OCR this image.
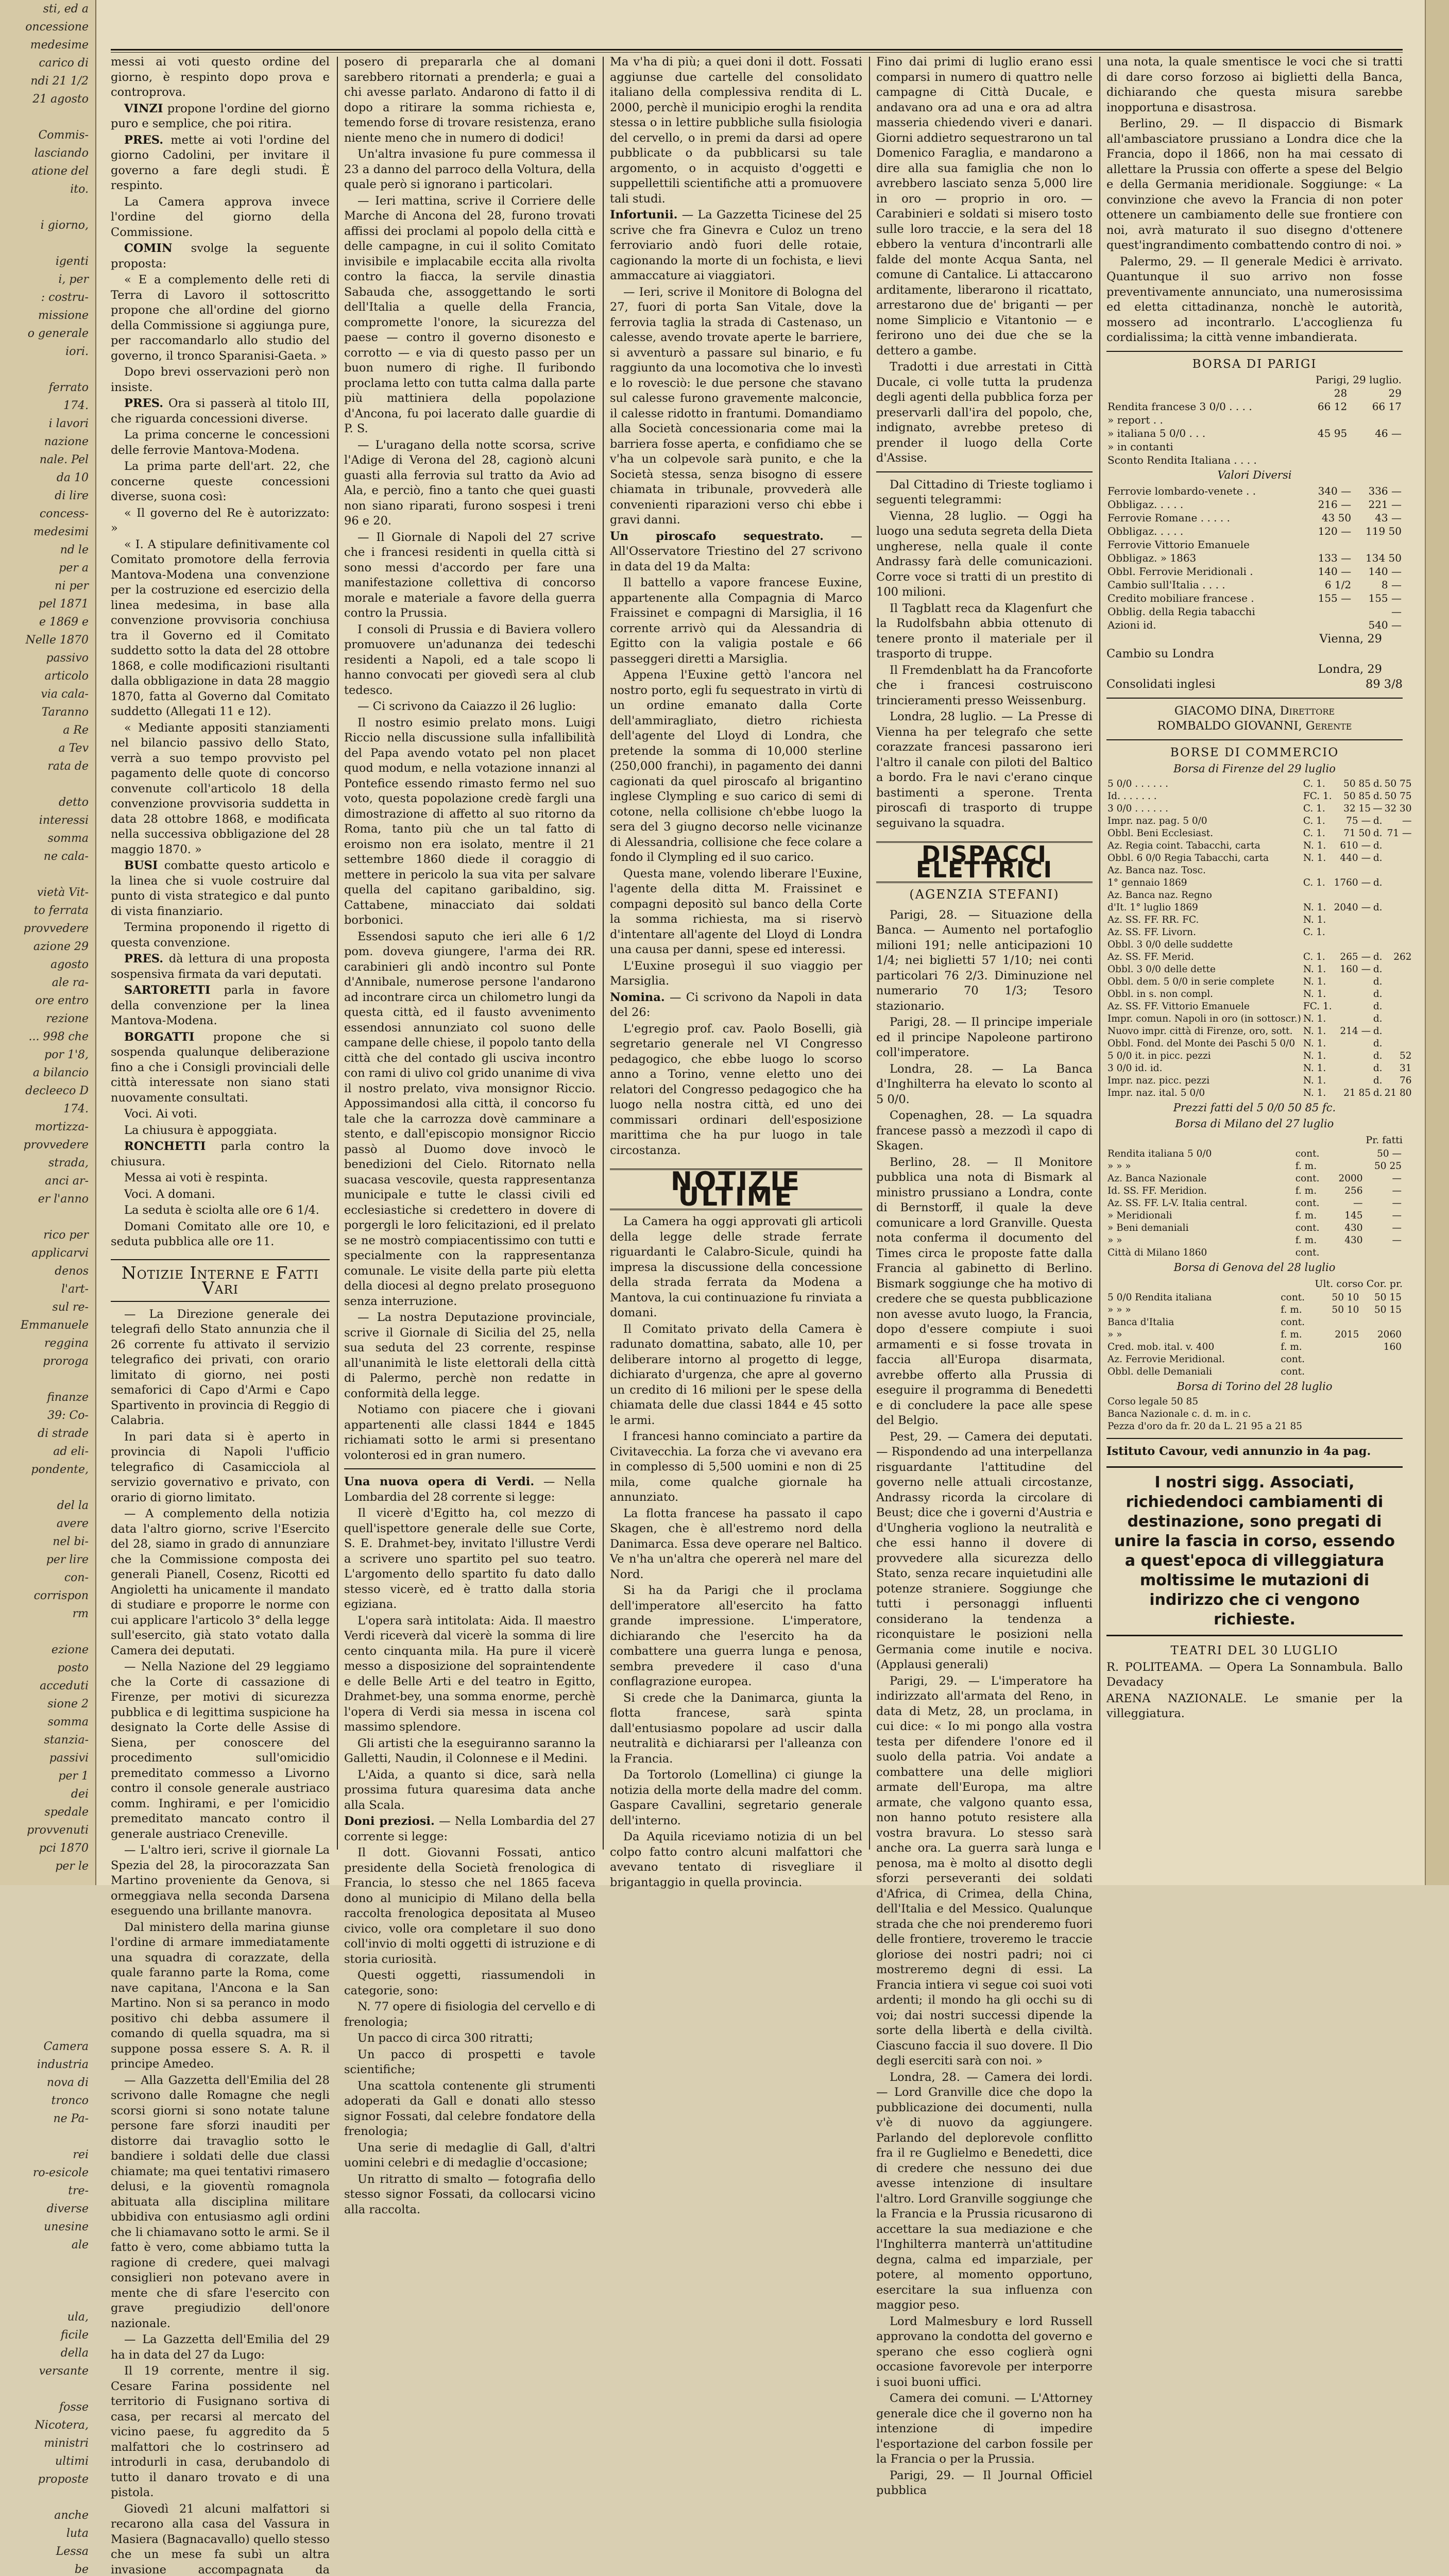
sti, ed a
oncessione
medesime
carico di
ndi 21 1/2
21 agosto

Commis-
lasciando
atione del
ito.

i giorno,

igenti
i, per
: costru-
missione
o generale
iori.

ferrato
174.
i lavori
nazione
nale. Pel
da 10
di lire
concess-
medesimi
nd le
per a
ni per
pel 1871
e 1869 e
Nelle 1870
passivo
articolo
via cala-
Taranno
a Re
a Tev
rata de

detto
interessi
somma
ne cala-

vietà Vit-
to ferrata
provvedere
azione 29
agosto
ale ra-
ore entro
rezione
... 998 che
por 1'8,
a bilancio
decleeco D
174.
mortizza-
provvedere
strada,
anci ar-
er l'anno

rico per
applicarvi
denos
l'art-
sul re-
Emmanuele
reggina
proroga

finanze
39: Co-
di strade
ad eli-
pondente,

del la
avere
nel bi-
per lire
con-
corrispon
rm

ezione
posto
acceduti
sione 2
somma
stanzia-
passivi
per 1
dei
spedale
provvenuti
pci 1870
per le

Camera
industria
nova di
tronco
ne Pa-

rei
ro-esicole
tre-
diverse
unesine
ale

ula,
ficile
della
versante

fosse
Nicotera,
ministri
ultimi
proposte

anche
luta
Lessa
be

messi ai voti questo ordine del giorno, è respinto dopo prova e controprova.

VINZI propone l'ordine del giorno puro e semplice, che poi ritira.

PRES. mette ai voti l'ordine del giorno Cadolini, per invitare il governo a fare degli studi. È respinto.

La Camera approva invece l'ordine del giorno della Commissione.

COMIN svolge la seguente proposta:

« E a complemento delle reti di Terra di Lavoro il sottoscritto propone che all'ordine del giorno della Commissione si aggiunga pure, per raccomandarlo allo studio del governo, il tronco Sparanisi-Gaeta. »

Dopo brevi osservazioni però non insiste.

PRES. Ora si passerà al titolo III, che riguarda concessioni diverse.

La prima concerne le concessioni delle ferrovie Mantova-Modena.

La prima parte dell'art. 22, che concerne queste concessioni diverse, suona così:

« Il governo del Re è autorizzato: »

« I. A stipulare definitivamente col Comitato promotore della ferrovia Mantova-Modena una convenzione per la costruzione ed esercizio della linea medesima, in base alla convenzione provvisoria conchiusa tra il Governo ed il Comitato suddetto sotto la data del 28 ottobre 1868, e colle modificazioni risultanti dalla obbligazione in data 28 maggio 1870, fatta al Governo dal Comitato suddetto (Allegati 11 e 12).

« Mediante appositi stanziamenti nel bilancio passivo dello Stato, verrà a suo tempo provvisto pel pagamento delle quote di concorso convenute coll'articolo 18 della convenzione provvisoria suddetta in data 28 ottobre 1868, e modificata nella successiva obbligazione del 28 maggio 1870. »

BUSI combatte questo articolo e la linea che si vuole costruire dal punto di vista strategico e dal punto di vista finanziario.

Termina proponendo il rigetto di questa convenzione.

PRES. dà lettura di una proposta sospensiva firmata da vari deputati.

SARTORETTI parla in favore della convenzione per la linea Mantova-Modena.

BORGATTI propone che si sospenda qualunque deliberazione fino a che i Consigli provinciali delle città interessate non siano stati nuovamente consultati.

Voci. Ai voti.

La chiusura è appoggiata.

RONCHETTI parla contro la chiusura.

Messa ai voti è respinta.

Voci. A domani.

La seduta è sciolta alle ore 6 1/4.

Domani Comitato alle ore 10, e seduta pubblica alle ore 11.

Notizie Interne e Fatti Vari

— La Direzione generale dei telegrafi dello Stato annunzia che il 26 corrente fu attivato il servizio telegrafico dei privati, con orario limitato di giorno, nei posti semaforici di Capo d'Armi e Capo Spartivento in provincia di Reggio di Calabria.

In pari data si è aperto in provincia di Napoli l'ufficio telegrafico di Casamicciola al servizio governativo e privato, con orario di giorno limitato.

— A complemento della notizia data l'altro giorno, scrive l'Esercito del 28, siamo in grado di annunziare che la Commissione composta dei generali Pianell, Cosenz, Ricotti ed Angioletti ha unicamente il mandato di studiare e proporre le norme con cui applicare l'articolo 3° della legge sull'esercito, già stato votato dalla Camera dei deputati.

— Nella Nazione del 29 leggiamo che la Corte di cassazione di Firenze, per motivi di sicurezza pubblica e di legittima suspicione ha designato la Corte delle Assise di Siena, per conoscere del procedimento sull'omicidio premeditato commesso a Livorno contro il console generale austriaco comm. Inghirami, e per l'omicidio premeditato mancato contro il generale austriaco Creneville.

— L'altro ieri, scrive il giornale La Spezia del 28, la pirocorazzata San Martino proveniente da Genova, si ormeggiava nella seconda Darsena eseguendo una brillante manovra.

Dal ministero della marina giunse l'ordine di armare immediatamente una squadra di corazzate, della quale faranno parte la Roma, come nave capitana, l'Ancona e la San Martino. Non si sa peranco in modo positivo chi debba assumere il comando di quella squadra, ma si suppone possa essere S. A. R. il principe Amedeo.

— Alla Gazzetta dell'Emilia del 28 scrivono dalle Romagne che negli scorsi giorni si sono notate talune persone fare sforzi inauditi per distorre dai travaglio sotto le bandiere i soldati delle due classi chiamate; ma quei tentativi rimasero delusi, e la gioventù romagnola abituata alla disciplina militare ubbidiva con entusiasmo agli ordini che li chiamavano sotto le armi. Se il fatto è vero, come abbiamo tutta la ragione di credere, quei malvagi consiglieri non potevano avere in mente che di sfare l'esercito con grave pregiudizio dell'onore nazionale.

— La Gazzetta dell'Emilia del 29 ha in data del 27 da Lugo:

Il 19 corrente, mentre il sig. Cesare Farina possidente nel territorio di Fusignano sortiva di casa, per recarsi al mercato del vicino paese, fu aggredito da 5 malfattori che lo costrinsero ad introdurli in casa, derubandolo di tutto il danaro trovato e di una pistola.

Giovedì 21 alcuni malfattori si recarono alla casa del Vassura in Masiera (Bagnacavallo) quello stesso che un mese fa subì un altra invasione accompagnata da

posero di prepararla che al domani sarebbero ritornati a prenderla; e guai a chi avesse parlato. Andarono di fatto il di dopo a ritirare la somma richiesta e, temendo forse di trovare resistenza, erano niente meno che in numero di dodici!

Un'altra invasione fu pure commessa il 23 a danno del parroco della Voltura, della quale però si ignorano i particolari.

— Ieri mattina, scrive il Corriere delle Marche di Ancona del 28, furono trovati affissi dei proclami al popolo della città e delle campagne, in cui il solito Comitato invisibile e implacabile eccita alla rivolta contro la fiacca, la servile dinastia Sabauda che, assoggettando le sorti dell'Italia a quelle della Francia, compromette l'onore, la sicurezza del paese — contro il governo disonesto e corrotto — e via di questo passo per un buon numero di righe. Il furibondo proclama letto con tutta calma dalla parte più mattiniera della popolazione d'Ancona, fu poi lacerato dalle guardie di P. S.

— L'uragano della notte scorsa, scrive l'Adige di Verona del 28, cagionò alcuni guasti alla ferrovia sul tratto da Avio ad Ala, e perciò, fino a tanto che quei guasti non siano riparati, furono sospesi i treni 96 e 20.

— Il Giornale di Napoli del 27 scrive che i francesi residenti in quella città si sono messi d'accordo per fare una manifestazione collettiva di concorso morale e materiale a favore della guerra contro la Prussia.

I consoli di Prussia e di Baviera vollero promuovere un'adunanza dei tedeschi residenti a Napoli, ed a tale scopo li hanno convocati per giovedì sera al club tedesco.

— Ci scrivono da Caiazzo il 26 luglio:

Il nostro esimio prelato mons. Luigi Riccio nella discussione sulla infallibilità del Papa avendo votato pel non placet quod modum, e nella votazione innanzi al Pontefice essendo rimasto fermo nel suo voto, questa popolazione credè fargli una dimostrazione di affetto al suo ritorno da Roma, tanto più che un tal fatto di eroismo non era isolato, mentre il 21 settembre 1860 diede il coraggio di mettere in pericolo la sua vita per salvare quella del capitano garibaldino, sig. Cattabene, minacciato dai soldati borbonici.

Essendosi saputo che ieri alle 6 1/2 pom. doveva giungere, l'arma dei RR. carabinieri gli andò incontro sul Ponte d'Annibale, numerose persone l'andarono ad incontrare circa un chilometro lungi da questa città, ed il fausto avvenimento essendosi annunziato col suono delle campane delle chiese, il popolo tanto della città che del contado gli usciva incontro con rami di ulivo col grido unanime di viva il nostro prelato, viva monsignor Riccio. Appossimandosi alla città, il concorso fu tale che la carrozza dovè camminare a stento, e dall'episcopio monsignor Riccio passò al Duomo dove invocò le benedizioni del Cielo. Ritornato nella suacasa vescovile, questa rappresentanza municipale e tutte le classi civili ed ecclesiastiche si credettero in dovere di porgergli le loro felicitazioni, ed il prelato se ne mostrò compiacentissimo con tutti e specialmente con la rappresentanza comunale. Le visite della parte più eletta della diocesi al degno prelato proseguono senza interruzione.

— La nostra Deputazione provinciale, scrive il Giornale di Sicilia del 25, nella sua seduta del 23 corrente, respinse all'unanimità le liste elettorali della città di Palermo, perchè non redatte in conformità della legge.

Notiamo con piacere che i giovani appartenenti alle classi 1844 e 1845 richiamati sotto le armi si presentano volonterosi ed in gran numero.

Una nuova opera di Verdi. — Nella Lombardia del 28 corrente si legge:

Il vicerè d'Egitto ha, col mezzo di quell'ispettore generale delle sue Corte, S. E. Drahmet-bey, invitato l'illustre Verdi a scrivere uno spartito pel suo teatro. L'argomento dello spartito fu dato dallo stesso vicerè, ed è tratto dalla storia egiziana.

L'opera sarà intitolata: Aida. Il maestro Verdi riceverà dal vicerè la somma di lire cento cinquanta mila. Ha pure il vicerè messo a disposizione del sopraintendente e delle Belle Arti e del teatro in Egitto, Drahmet-bey, una somma enorme, perchè l'opera di Verdi sia messa in iscena col massimo splendore.

Gli artisti che la eseguiranno saranno la Galletti, Naudin, il Colonnese e il Medini.

L'Aida, a quanto si dice, sarà nella prossima futura quaresima data anche alla Scala.

Doni preziosi. — Nella Lombardia del 27 corrente si legge:

Il dott. Giovanni Fossati, antico presidente della Società frenologica di Francia, lo stesso che nel 1865 faceva dono al municipio di Milano della bella raccolta frenologica depositata al Museo civico, volle ora completare il suo dono coll'invio di molti oggetti di istruzione e di storia curiosità.

Questi oggetti, riassumendoli in categorie, sono:

N. 77 opere di fisiologia del cervello e di frenologia;

Un pacco di circa 300 ritratti;

Un pacco di prospetti e tavole scientifiche;

Una scattola contenente gli strumenti adoperati da Gall e donati allo stesso signor Fossati, dal celebre fondatore della frenologia;

Una serie di medaglie di Gall, d'altri uomini celebri e di medaglie d'occasione;

Un ritratto di smalto — fotografia dello stesso signor Fossati, da collocarsi vicino alla raccolta.

Ma v'ha di più; a quei doni il dott. Fossati aggiunse due cartelle del consolidato italiano della complessiva rendita di L. 2000, perchè il municipio eroghi la rendita stessa o in lettire pubbliche sulla fisiologia del cervello, o in premi da darsi ad opere pubblicate o da pubblicarsi su tale argomento, o in acquisto d'oggetti e suppellettili scientifiche atti a promuovere tali studi.

Infortunii. — La Gazzetta Ticinese del 25 scrive che fra Ginevra e Culoz un treno ferroviario andò fuori delle rotaie, cagionando la morte di un fochista, e lievi ammaccature ai viaggiatori.

— Ieri, scrive il Monitore di Bologna del 27, fuori di porta San Vitale, dove la ferrovia taglia la strada di Castenaso, un calesse, avendo trovate aperte le barriere, si avventurò a passare sul binario, e fu raggiunto da una locomotiva che lo investì e lo rovesciò: le due persone che stavano sul calesse furono gravemente malconcie, il calesse ridotto in frantumi. Domandiamo alla Società concessionaria come mai la barriera fosse aperta, e confidiamo che se v'ha un colpevole sarà punito, e che la Società stessa, senza bisogno di essere chiamata in tribunale, provvederà alle convenienti riparazioni verso chi ebbe i gravi danni.

Un piroscafo sequestrato. — All'Osservatore Triestino del 27 scrivono in data del 19 da Malta:

Il battello a vapore francese Euxine, appartenente alla Compagnia di Marco Fraissinet e compagni di Marsiglia, il 16 corrente arrivò qui da Alessandria di Egitto con la valigia postale e 66 passeggeri diretti a Marsiglia.

Appena l'Euxine gettò l'ancora nel nostro porto, egli fu sequestrato in virtù di un ordine emanato dalla Corte dell'ammiragliato, dietro richiesta dell'agente del Lloyd di Londra, che pretende la somma di 10,000 sterline (250,000 franchi), in pagamento dei danni cagionati da quel piroscafo al brigantino inglese Clympling e suo carico di semi di cotone, nella collisione ch'ebbe luogo la sera del 3 giugno decorso nelle vicinanze di Alessandria, collisione che fece colare a fondo il Clympling ed il suo carico.

Questa mane, volendo liberare l'Euxine, l'agente della ditta M. Fraissinet e compagni depositò sul banco della Corte la somma richiesta, ma si riservò d'intentare all'agente del Lloyd di Londra una causa per danni, spese ed interessi.

L'Euxine proseguì il suo viaggio per Marsiglia.

Nomina. — Ci scrivono da Napoli in data del 26:

L'egregio prof. cav. Paolo Boselli, già segretario generale nel VI Congresso pedagogico, che ebbe luogo lo scorso anno a Torino, venne eletto uno dei relatori del Congresso pedagogico che ha luogo nella nostra città, ed uno dei commissari ordinari dell'esposizione marittima che ha pur luogo in tale circostanza.

NOTIZIE ULTIME

La Camera ha oggi approvati gli articoli della legge delle strade ferrate riguardanti le Calabro-Sicule, quindi ha impresa la discussione della concessione della strada ferrata da Modena a Mantova, la cui continuazione fu rinviata a domani.

Il Comitato privato della Camera è radunato domattina, sabato, alle 10, per deliberare intorno al progetto di legge, dichiarato d'urgenza, che apre al governo un credito di 16 milioni per le spese della chiamata delle due classi 1844 e 45 sotto le armi.

I francesi hanno cominciato a partire da Civitavecchia. La forza che vi avevano era in complesso di 5,500 uomini e non di 25 mila, come qualche giornale ha annunziato.

La flotta francese ha passato il capo Skagen, che è all'estremo nord della Danimarca. Essa deve operare nel Baltico. Ve n'ha un'altra che opererà nel mare del Nord.

Si ha da Parigi che il proclama dell'imperatore all'esercito ha fatto grande impressione. L'imperatore, dichiarando che l'esercito ha da combattere una guerra lunga e penosa, sembra prevedere il caso d'una conflagrazione europea.

Si crede che la Danimarca, giunta la flotta francese, sarà spinta dall'entusiasmo popolare ad uscir dalla neutralità e dichiararsi per l'alleanza con la Francia.

Da Tortorolo (Lomellina) ci giunge la notizia della morte della madre del comm. Gaspare Cavallini, segretario generale dell'interno.

Da Aquila riceviamo notizia di un bel colpo fatto contro alcuni malfattori che avevano tentato di risvegliare il brigantaggio in quella provincia.

Fino dai primi di luglio erano essi comparsi in numero di quattro nelle campagne di Città Ducale, e andavano ora ad una e ora ad altra masseria chiedendo viveri e danari. Giorni addietro sequestrarono un tal Domenico Faraglia, e mandarono a dire alla sua famiglia che non lo avrebbero lasciato senza 5,000 lire in oro — proprio in oro. — Carabinieri e soldati si misero tosto sulle loro traccie, e la sera del 18 ebbero la ventura d'incontrarli alle falde del monte Acqua Santa, nel comune di Cantalice. Li attaccarono arditamente, liberarono il ricattato, arrestarono due de' briganti — per nome Simplicio e Vitantonio — e ferirono uno dei due che se la dettero a gambe.

Tradotti i due arrestati in Città Ducale, ci volle tutta la prudenza degli agenti della pubblica forza per preservarli dall'ira del popolo, che, indignato, avrebbe preteso di prender il luogo della Corte d'Assise.

Dal Cittadino di Trieste togliamo i seguenti telegrammi:

Vienna, 28 luglio. — Oggi ha luogo una seduta segreta della Dieta ungherese, nella quale il conte Andrassy farà delle comunicazioni. Corre voce si tratti di un prestito di 100 milioni.

Il Tagblatt reca da Klagenfurt che la Rudolfsbahn abbia ottenuto di tenere pronto il materiale per il trasporto di truppe.

Il Fremdenblatt ha da Francoforte che i francesi costruiscono trincieramenti presso Weissenburg.

Londra, 28 luglio. — La Presse di Vienna ha per telegrafo che sette corazzate francesi passarono ieri l'altro il canale con piloti del Baltico a bordo. Fra le navi c'erano cinque bastimenti a sperone. Trenta piroscafi di trasporto di truppe seguivano la squadra.

DISPACCI ELETTRICI
(AGENZIA STEFANI)

Parigi, 28. — Situazione della Banca. — Aumento nel portafoglio milioni 191; nelle anticipazioni 10 1/4; nei biglietti 57 1/10; nei conti particolari 76 2/3. Diminuzione nel numerario 70 1/3; Tesoro stazionario.

Parigi, 28. — Il principe imperiale ed il principe Napoleone partirono coll'imperatore.

Londra, 28. — La Banca d'Inghilterra ha elevato lo sconto al 5 0/0.

Copenaghen, 28. — La squadra francese passò a mezzodì il capo di Skagen.

Berlino, 28. — Il Monitore pubblica una nota di Bismark al ministro prussiano a Londra, conte di Bernstorff, il quale la deve comunicare a lord Granville. Questa nota conferma il documento del Times circa le proposte fatte dalla Francia al gabinetto di Berlino. Bismark soggiunge che ha motivo di credere che se questa pubblicazione non avesse avuto luogo, la Francia, dopo d'essere compiute i suoi armamenti e si fosse trovata in faccia all'Europa disarmata, avrebbe offerto alla Prussia di eseguire il programma di Benedetti e di concludere la pace alle spese del Belgio.

Pest, 29. — Camera dei deputati. — Rispondendo ad una interpellanza risguardante l'attitudine del governo nelle attuali circostanze, Andrassy ricorda la circolare di Beust; dice che i governi d'Austria e d'Ungheria vogliono la neutralità e che essi hanno il dovere di provvedere alla sicurezza dello Stato, senza recare inquietudini alle potenze straniere. Soggiunge che tutti i personaggi influenti considerano la tendenza a riconquistare le posizioni nella Germania come inutile e nociva. (Applausi generali)

Parigi, 29. — L'imperatore ha indirizzato all'armata del Reno, in data di Metz, 28, un proclama, in cui dice: « Io mi pongo alla vostra testa per difendere l'onore ed il suolo della patria. Voi andate a combattere una delle migliori armate dell'Europa, ma altre armate, che valgono quanto essa, non hanno potuto resistere alla vostra bravura. Lo stesso sarà anche ora. La guerra sarà lunga e penosa, ma è molto al disotto degli sforzi perseveranti dei soldati d'Africa, di Crimea, della China, dell'Italia e del Messico. Qualunque strada che che noi prenderemo fuori delle frontiere, troveremo le traccie gloriose dei nostri padri; noi ci mostreremo degni di essi. La Francia intiera vi segue coi suoi voti ardenti; il mondo ha gli occhi su di voi; dai nostri successi dipende la sorte della libertà e della civiltà. Ciascuno faccia il suo dovere. Il Dio degli eserciti sarà con noi. »

Londra, 28. — Camera dei lordi. — Lord Granville dice che dopo la pubblicazione dei documenti, nulla v'è di nuovo da aggiungere. Parlando del deplorevole conflitto fra il re Guglielmo e Benedetti, dice di credere che nessuno dei due avesse intenzione di insultare l'altro. Lord Granville soggiunge che la Francia e la Prussia ricusarono di accettare la sua mediazione e che l'Inghilterra manterrà un'attitudine degna, calma ed imparziale, per potere, al momento opportuno, esercitare la sua influenza con maggior peso.

Lord Malmesbury e lord Russell approvano la condotta del governo e sperano che esso coglierà ogni occasione favorevole per interporre i suoi buoni uffici.

Camera dei comuni. — L'Attorney generale dice che il governo non ha intenzione di impedire l'esportazione del carbon fossile per la Francia o per la Prussia.

Parigi, 29. — Il Journal Officiel pubblica

una nota, la quale smentisce le voci che si tratti di dare corso forzoso ai biglietti della Banca, dichiarando che questa misura sarebbe inopportuna e disastrosa.

Berlino, 29. — Il dispaccio di Bismark all'ambasciatore prussiano a Londra dice che la Francia, dopo il 1866, non ha mai cessato di allettare la Prussia con offerte a spese del Belgio e della Germania meridionale. Soggiunge: « La convinzione che avevo la Francia di non poter ottenere un cambiamento delle sue frontiere con noi, avrà maturato il suo disegno d'ottenere quest'ingrandimento combattendo contro di noi. »

Palermo, 29. — Il generale Medici è arrivato. Quantunque il suo arrivo non fosse preventivamente annunciato, una numerosissima ed eletta cittadinanza, nonchè le autorità, mossero ad incontrarlo. L'accoglienza fu cordialissima; la città venne imbandierata.

BORSA DI PARIGI
	Parigi, 29 luglio.	
	28	29
Rendita francese 3 0/0 . . . .	66 12	66 17
» report . .		
» italiana 5 0/0 . . .	45 95	46 —
» in contanti		
Sconto Rendita Italiana . . . .		
Valori Diversi
Ferrovie lombardo-venete . .	340 —	336 —
Obbligaz. . . . .	216 —	221 —
Ferrovie Romane . . . . .	43 50	43 —
Obbligaz. . . . .	120 —	119 50
Ferrovie Vittorio Emanuele		
Obbligaz. » 1863	133 —	134 50
Obbl. Ferrovie Meridionali .	140 —	140 —
Cambio sull'Italia . . . .	6 1/2	8 —
Credito mobiliare francese .	155 —	155 —
Obblig. della Regia tabacchi		—
Azioni id.		540 —
Vienna, 29
Cambio su Londra
Londra, 29
Consolidati inglesi	89 3/8
GIACOMO DINA, Direttore
ROMBALDO GIOVANNI, Gerente
BORSE DI COMMERCIO
Borsa di Firenze del 29 luglio
5 0/0 . . . . . .	C. 1.	50 85	d.	50 75
Id. . . . . . .	FC. 1.	50 85	d.	50 75
3 0/0 . . . . . .	C. 1.	32 15	—	32 30
Impr. naz. pag. 5 0/0	C. 1.	75 —	d.	—
Obbl. Beni Ecclesiast.	C. 1.	71 50	d.	71 —
Az. Regia coint. Tabacchi, carta	N. 1.	610 —	d.	
Obbl. 6 0/0 Regia Tabacchi, carta	N. 1.	440 —	d.	
Az. Banca naz. Tosc.				
1° gennaio 1869	C. 1.	1760 —	d.	
Az. Banca naz. Regno				
d'It. 1° luglio 1869	N. 1.	2040 —	d.	
Az. SS. FF. RR. FC.	N. 1.			
Az. SS. FF. Livorn.	C. 1.			
Obbl. 3 0/0 delle suddette				
Az. SS. FF. Merid.	C. 1.	265 —	d.	262
Obbl. 3 0/0 delle dette	N. 1.	160 —	d.	
Obbl. dem. 5 0/0 in serie complete	N. 1.		d.	
Obbl. in s. non compl.	N. 1.		d.	
Az. SS. FF. Vittorio Emanuele	FC. 1.		d.	
Impr. comun. Napoli in oro (in sottoscr.)	N. 1.		d.	
Nuovo impr. città di Firenze, oro, sott.	N. 1.	214 —	d.	
Obbl. Fond. del Monte dei Paschi 5 0/0	N. 1.		d.	
5 0/0 it. in picc. pezzi	N. 1.		d.	52
3 0/0 id. id.	N. 1.		d.	31
Impr. naz. picc. pezzi	N. 1.		d.	76
Impr. naz. ital. 5 0/0	N. 1.	21 85	d.	21 80
Prezzi fatti del 5 0/0 50 85 fc.
Borsa di Milano del 27 luglio
Pr. fatti
Rendita italiana 5 0/0	cont.		50 —
» » »	f. m.		50 25
Az. Banca Nazionale	cont.	2000	—
Id. SS. FF. Meridion.	f. m.	256	—
Az. SS. FF. L-V. Italia central.	cont.	—	—
» Meridionali	f. m.	145	—
» Beni demaniali	cont.	430	—
» »	f. m.	430	—
Città di Milano 1860	cont.		
Borsa di Genova del 28 luglio
Ult. corso Cor. pr.
5 0/0 Rendita italiana	cont.	50 10	50 15
» » »	f. m.	50 10	50 15
Banca d'Italia	cont.		
» »	f. m.	2015	2060
Cred. mob. ital. v. 400	f. m.		160
Az. Ferrovie Meridional.	cont.		
Obbl. delle Demaniali	cont.		
Borsa di Torino del 28 luglio
Corso legale 50 85	
Banca Nazionale c. d. m. in c.	
Pezza d'oro da fr. 20 da L. 21 95 a 21 85	

Istituto Cavour, vedi annunzio in 4a pag.

I nostri sigg. Associati, richiedendoci cambiamenti di destinazione, sono pregati di unire la fascia in corso, essendo a quest'epoca di villeggiatura moltissime le mutazioni di indirizzo che ci vengono richieste.
TEATRI DEL 30 LUGLIO

R. POLITEAMA. — Opera La Sonnambula. Ballo Devadacy

ARENA NAZIONALE. Le smanie per la villeggiatura.
